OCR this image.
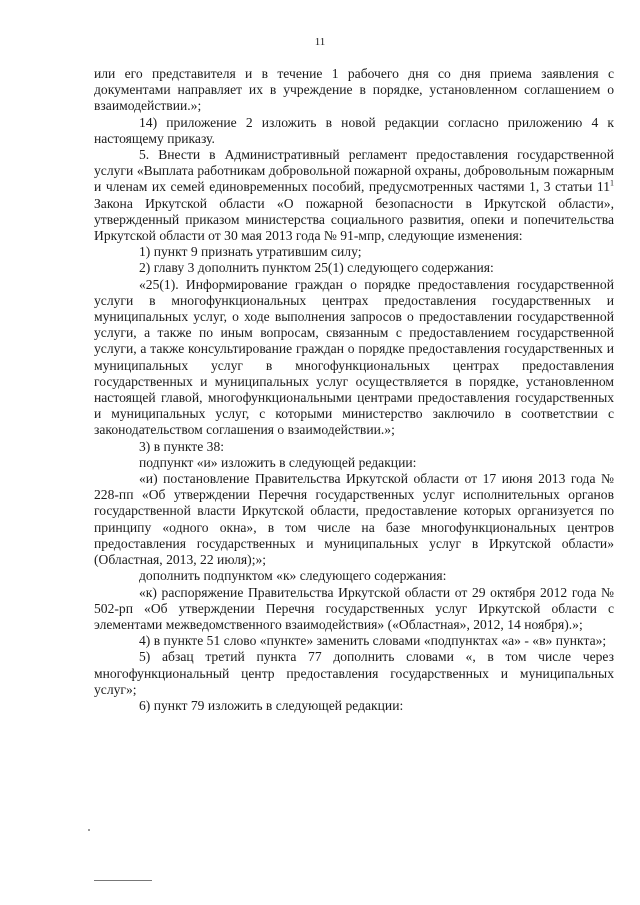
11

или его представителя и в течение 1 рабочего дня со дня приема заявления с документами направляет их в учреждение в порядке, установленном соглашением о взаимодействии.»;

14) приложение 2 изложить в новой редакции согласно приложению 4 к настоящему приказу.

5. Внести в Административный регламент предоставления государственной услуги «Выплата работникам добровольной пожарной охраны, добровольным пожарным и членам их семей единовременных пособий, предусмотренных частями 1, 3 статьи $11^1$ Закона Иркутской области «О пожарной безопасности в Иркутской области», утвержденный приказом министерства социального развития, опеки и попечительства Иркутской области от 30 мая 2013 года № 91-мпр, следующие изменения:

1) пункт 9 признать утратившим силу;

2) главу 3 дополнить пунктом 25(1) следующего содержания:

«25(1). Информирование граждан о порядке предоставления государственной услуги в многофункциональных центрах предоставления государственных и муниципальных услуг, о ходе выполнения запросов о предоставлении государственной услуги, а также по иным вопросам, связанным с предоставлением государственной услуги, а также консультирование граждан о порядке предоставления государственных и муниципальных услуг в многофункциональных центрах предоставления государственных и муниципальных услуг осуществляется в порядке, установленном настоящей главой, многофункциональными центрами предоставления государственных и муниципальных услуг, с которыми министерство заключило в соответствии с законодательством соглашения о взаимодействии.»;

3) в пункте 38:

подпункт «и» изложить в следующей редакции:

«и) постановление Правительства Иркутской области от 17 июня 2013 года № 228-пп «Об утверждении Перечня государственных услуг исполнительных органов государственной власти Иркутской области, предоставление которых организуется по принципу «одного окна», в том числе на базе многофункциональных центров предоставления государственных и муниципальных услуг в Иркутской области» (Областная, 2013, 22 июля);»;

дополнить подпунктом «к» следующего содержания:

«к) распоряжение Правительства Иркутской области от 29 октября 2012 года № 502-рп «Об утверждении Перечня государственных услуг Иркутской области с элементами межведомственного взаимодействия» («Областная», 2012, 14 ноября).»;

4) в пункте 51 слово «пункте» заменить словами «подпунктах «а» - «в» пункта»;

5) абзац третий пункта 77 дополнить словами «, в том числе через многофункциональный центр предоставления государственных и муниципальных услуг»;

6) пункт 79 изложить в следующей редакции:
